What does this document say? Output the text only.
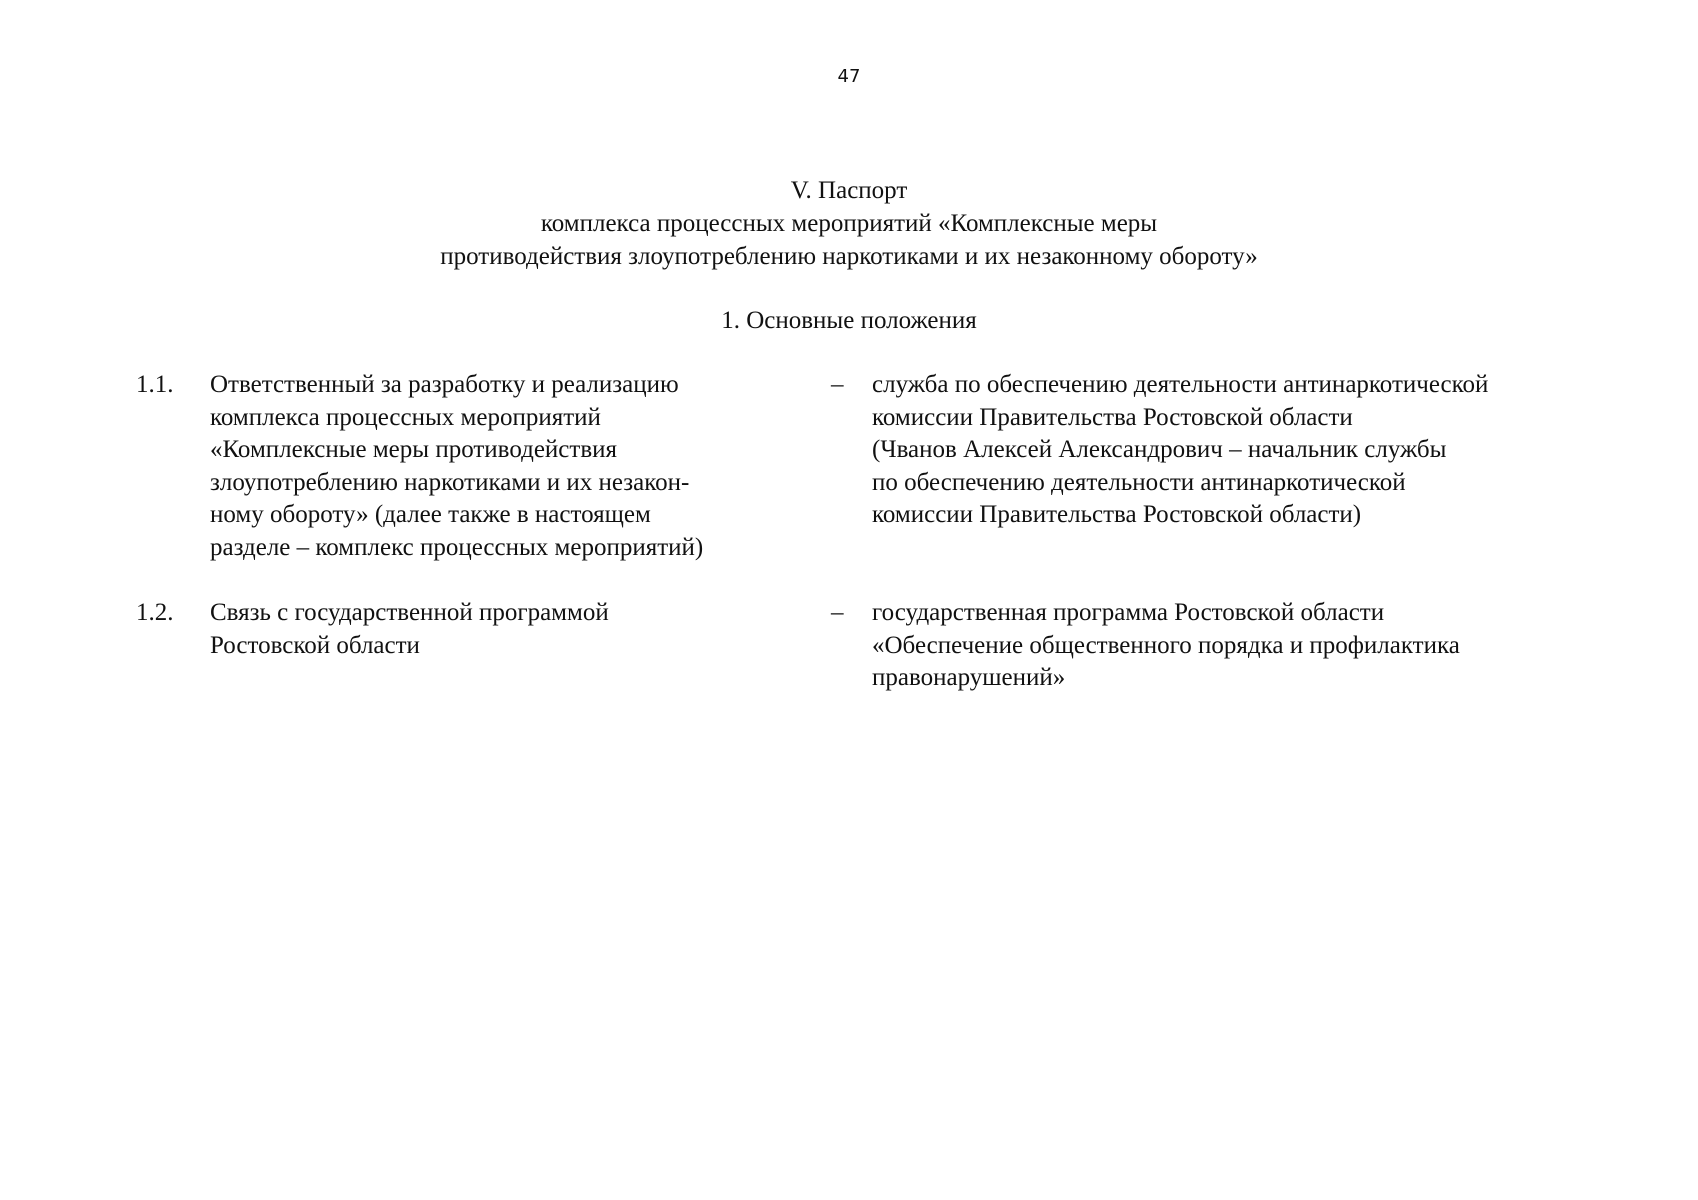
47
V. Паспорт
комплекса процессных мероприятий «Комплексные меры
противодействия злоупотреблению наркотиками и их незаконному обороту»
1. Основные положения
1.1. Ответственный за разработку и реализацию
комплекса процессных мероприятий
«Комплексные меры противодействия
злоупотреблению наркотиками и их незакон-
ному обороту» (далее также в настоящем
разделе – комплекс процессных мероприятий)
– служба по обеспечению деятельности антинаркотической
комиссии Правительства Ростовской области
(Чванов Алексей Александрович – начальник службы
по обеспечению деятельности антинаркотической
комиссии Правительства Ростовской области)
1.2. Связь с государственной программой
Ростовской области
– государственная программа Ростовской области
«Обеспечение общественного порядка и профилактика
правонарушений»
